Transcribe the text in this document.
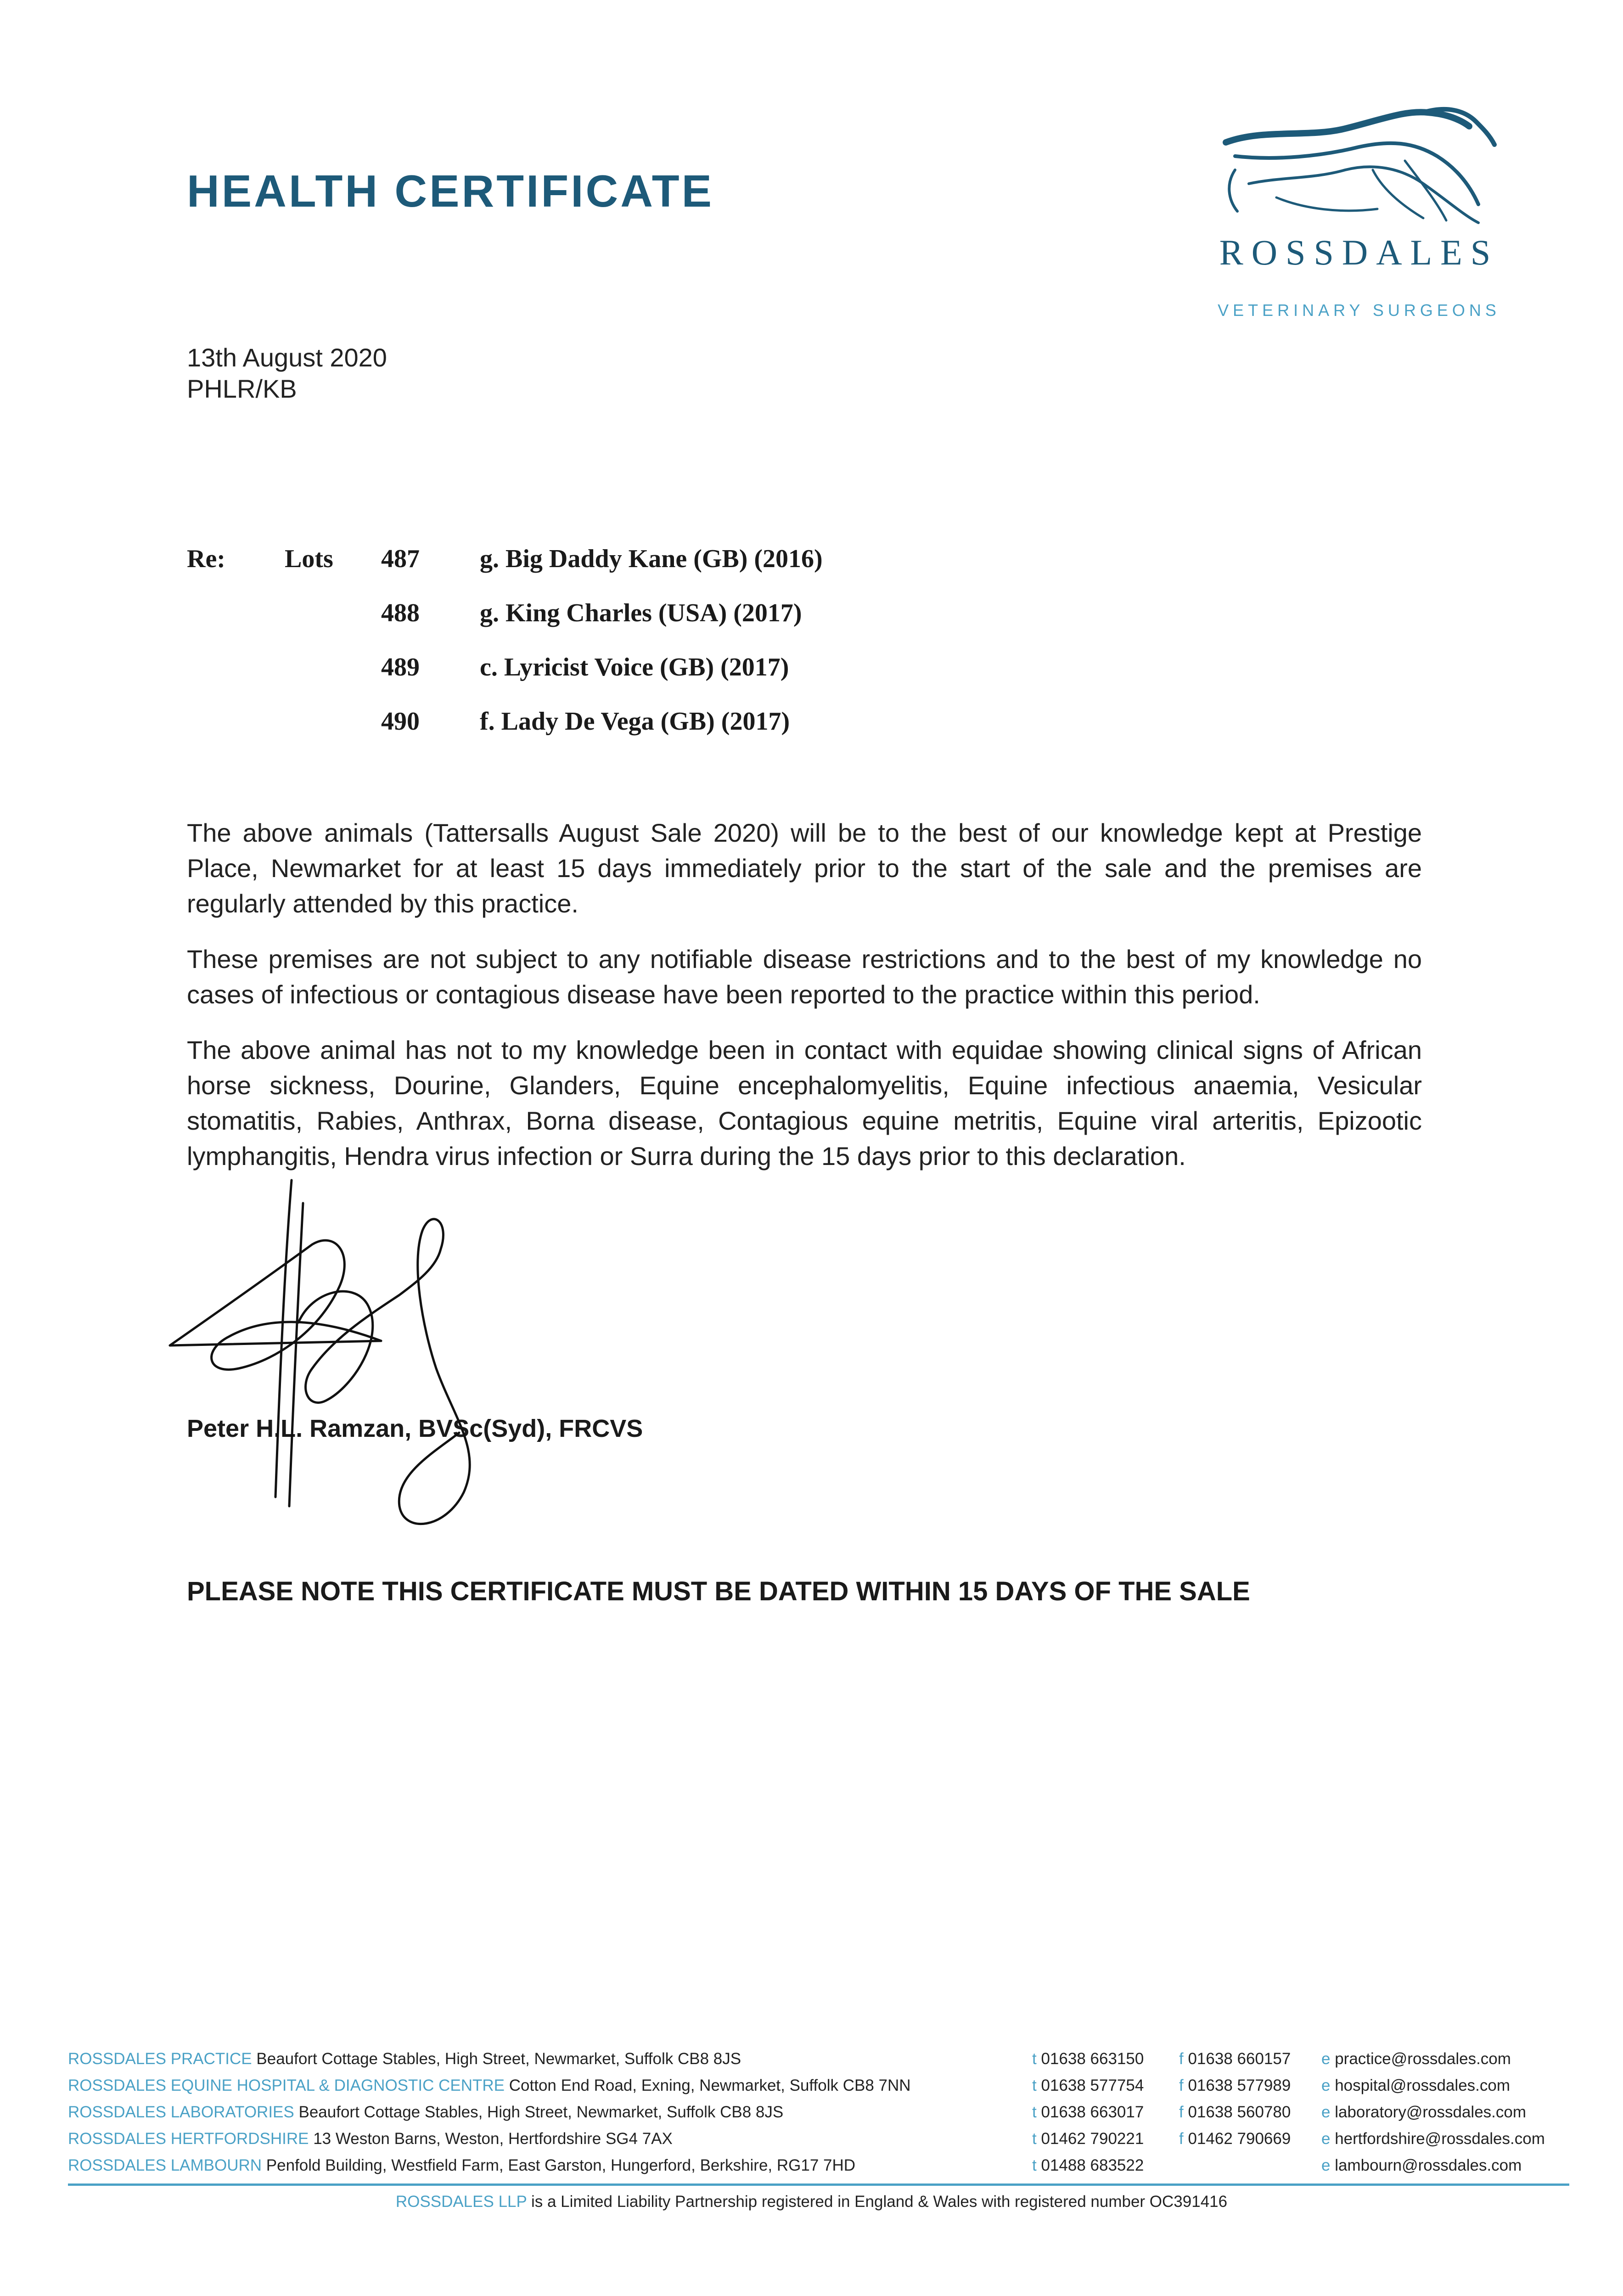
HEALTH CERTIFICATE
ROSSDALES
VETERINARY SURGEONS
13th August 2020
PHLR/KB
Re: Lots 487 g. Big Daddy Kane (GB) (2016)
488 g. King Charles (USA) (2017)
489 c. Lyricist Voice (GB) (2017)
490 f. Lady De Vega (GB) (2017)
The above animals (Tattersalls August Sale 2020) will be to the best of our knowledge kept at Prestige Place, Newmarket for at least 15 days immediately prior to the start of the sale and the premises are regularly attended by this practice.
These premises are not subject to any notifiable disease restrictions and to the best of my knowledge no cases of infectious or contagious disease have been reported to the practice within this period.
The above animal has not to my knowledge been in contact with equidae showing clinical signs of African horse sickness, Dourine, Glanders, Equine encephalomyelitis, Equine infectious anaemia, Vesicular stomatitis, Rabies, Anthrax, Borna disease, Contagious equine metritis, Equine viral arteritis, Epizootic lymphangitis, Hendra virus infection or Surra during the 15 days prior to this declaration.
Peter H.L. Ramzan, BVSc(Syd), FRCVS
PLEASE NOTE THIS CERTIFICATE MUST BE DATED WITHIN 15 DAYS OF THE SALE
ROSSDALES PRACTICE Beaufort Cottage Stables, High Street, Newmarket, Suffolk CB8 8JS	t 01638 663150 f 01638 660157 e practice@rossdales.com
ROSSDALES EQUINE HOSPITAL & DIAGNOSTIC CENTRE Cotton End Road, Exning, Newmarket, Suffolk CB8 7NN	t 01638 577754 f 01638 577989 e hospital@rossdales.com
ROSSDALES LABORATORIES Beaufort Cottage Stables, High Street, Newmarket, Suffolk CB8 8JS	t 01638 663017 f 01638 560780 e laboratory@rossdales.com
ROSSDALES HERTFORDSHIRE 13 Weston Barns, Weston, Hertfordshire SG4 7AX	t 01462 790221 f 01462 790669 e hertfordshire@rossdales.com
ROSSDALES LAMBOURN Penfold Building, Westfield Farm, East Garston, Hungerford, Berkshire, RG17 7HD	t 01488 683522	e lambourn@rossdales.com
ROSSDALES LLP is a Limited Liability Partnership registered in England & Wales with registered number OC391416
